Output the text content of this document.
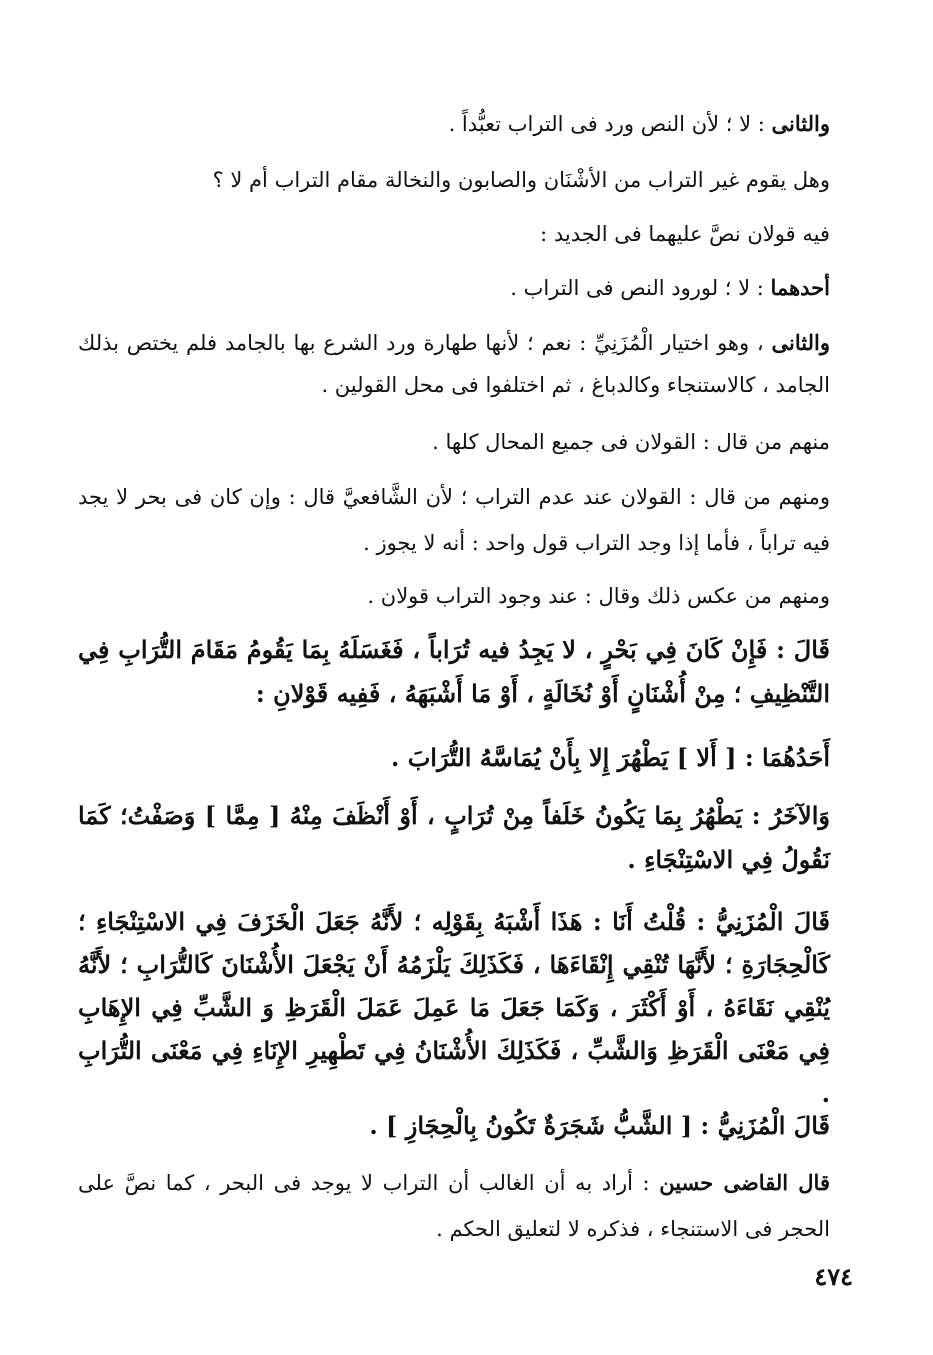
والثانى : لا ؛ لأن النص ورد فى التراب تعبُّداً .
وهل يقوم غير التراب من الأشْنَان والصابون والنخالة مقام التراب أم لا ؟
فيه قولان نصَّ عليهما فى الجديد :
أحدهما : لا ؛ لورود النص فى التراب .
والثانى ، وهو اختيار الْمُزَنِيِّ : نعم ؛ لأنها طهارة ورد الشرع بها بالجامد فلم يختص بذلك الجامد ، كالاستنجاء وكالدباغ ، ثم اختلفوا فى محل القولين .
منهم من قال : القولان فى جميع المحال كلها .
ومنهم من قال : القولان عند عدم التراب ؛ لأن الشَّافعيَّ قال : وإن كان فى بحر لا يجد فيه تراباً ، فأما إذا وجد التراب قول واحد : أنه لا يجوز .
ومنهم من عكس ذلك وقال : عند وجود التراب قولان .
قَالَ : فَإِنْ كَانَ فِي بَحْرٍ ، لا يَجِدُ فيه تُرَاباً ، فَغَسَلَهُ بِمَا يَقُومُ مَقَامَ التُّرَابِ فِي التَّنْظِيفِ ؛ مِنْ أُشْنَانٍ أَوْ نُخَالَةٍ ، أَوْ مَا أَشْبَهَهُ ، فَفِيه قَوْلانِ :
أَحَدُهُمَا : [ أَلا ] يَطْهُرَ إِلا بِأَنْ يُمَاسَّهُ التُّرَابَ .
وَالآخَرُ : يَطْهُرُ بِمَا يَكُونُ خَلَفاً مِنْ تُرَابٍ ، أَوْ أَنْظَفَ مِنْهُ [ مِمَّا ] وَصَفْتُ؛ كَمَا نَقُولُ فِي الاسْتِنْجَاءِ .
قَالَ الْمُزَنِيُّ : قُلْتُ أَنَا : هَذَا أَشْبَهُ بِقَوْلِه ؛ لأَنَّهُ جَعَلَ الْخَزَفَ فِي الاسْتِنْجَاءِ ؛ كَالْحِجَارَةِ ؛ لأَنَّهَا تُنْقِي إِنْقَاءَهَا ، فَكَذَلِكَ يَلْزَمُهُ أَنْ يَجْعَلَ الأُشْنَانَ كَالتُّرَابِ ؛ لأَنَّهُ يُنْقِي نَقَاءَهُ ، أَوْ أَكْثَرَ ، وَكَمَا جَعَلَ مَا عَمِلَ عَمَلَ الْقَرَظِ وَ الشَّبِّ فِي الإِهَابِ فِي مَعْنَى الْقَرَظِ وَالشَّبِّ ، فَكَذَلِكَ الأُشْنَانُ فِي تَطْهِيرِ الإِنَاءِ فِي مَعْنَى التُّرَابِ .
قَالَ الْمُزَنِيُّ : [ الشَّبُّ شَجَرَةٌ تَكُونُ بِالْحِجَازِ ] .
قال القاضى حسين : أراد به أن الغالب أن التراب لا يوجد فى البحر ، كما نصَّ على الحجر فى الاستنجاء ، فذكره لا لتعليق الحكم .
٤٧٤
